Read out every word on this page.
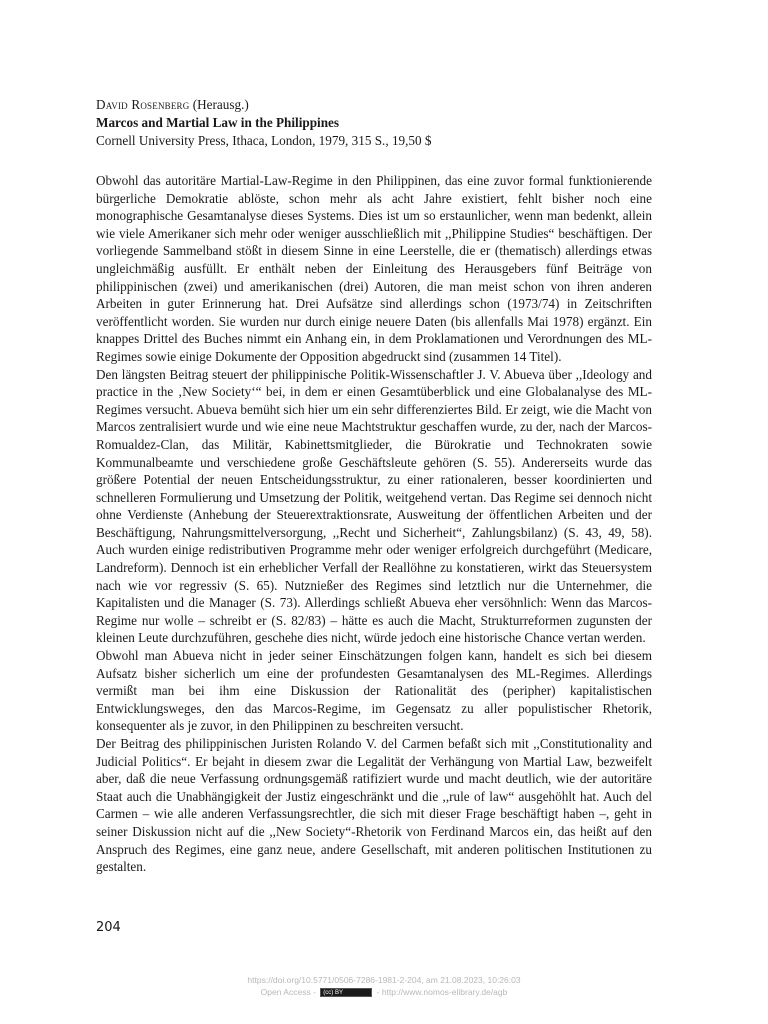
David Rosenberg (Herausg.)
Marcos and Martial Law in the Philippines
Cornell University Press, Ithaca, London, 1979, 315 S., 19,50 $

Obwohl das autoritäre Martial-Law-Regime in den Philippinen, das eine zuvor formal funktionierende bürgerliche Demokratie ablöste, schon mehr als acht Jahre existiert, fehlt bisher noch eine monographische Gesamtanalyse dieses Systems. Dies ist um so erstaunlicher, wenn man bedenkt, allein wie viele Amerikaner sich mehr oder weniger ausschließlich mit ,,Philippine Studies“ beschäftigen. Der vorliegende Sammelband stößt in diesem Sinne in eine Leerstelle, die er (thematisch) allerdings etwas ungleichmäßig ausfüllt. Er enthält neben der Einleitung des Herausgebers fünf Beiträge von philippinischen (zwei) und amerikanischen (drei) Autoren, die man meist schon von ihren anderen Arbeiten in guter Erinnerung hat. Drei Aufsätze sind allerdings schon (1973/74) in Zeitschriften veröffentlicht worden. Sie wurden nur durch einige neuere Daten (bis allenfalls Mai 1978) ergänzt. Ein knappes Drittel des Buches nimmt ein Anhang ein, in dem Proklamationen und Verordnungen des ML-Regimes sowie einige Dokumente der Opposition abgedruckt sind (zusammen 14 Titel).

Den längsten Beitrag steuert der philippinische Politik-Wissenschaftler J. V. Abueva über ,,Ideology and practice in the ‚New Society‘“ bei, in dem er einen Gesamtüberblick und eine Globalanalyse des ML-Regimes versucht. Abueva bemüht sich hier um ein sehr differenziertes Bild. Er zeigt, wie die Macht von Marcos zentralisiert wurde und wie eine neue Machtstruktur geschaffen wurde, zu der, nach der Marcos-Romualdez-Clan, das Militär, Kabinettsmitglieder, die Bürokratie und Technokraten sowie Kommunalbeamte und verschiedene große Geschäftsleute gehören (S. 55). Andererseits wurde das größere Potential der neuen Entscheidungsstruktur, zu einer rationaleren, besser koordinierten und schnelleren Formulierung und Umsetzung der Politik, weitgehend vertan. Das Regime sei dennoch nicht ohne Verdienste (Anhebung der Steuerextraktionsrate, Ausweitung der öffentlichen Arbeiten und der Beschäftigung, Nahrungsmittelversorgung, ,,Recht und Sicherheit“, Zahlungsbilanz) (S. 43, 49, 58). Auch wurden einige redistributiven Programme mehr oder weniger erfolgreich durchgeführt (Medicare, Landreform). Dennoch ist ein erheblicher Verfall der Reallöhne zu konstatieren, wirkt das Steuersystem nach wie vor regressiv (S. 65). Nutznießer des Regimes sind letztlich nur die Unternehmer, die Kapitalisten und die Manager (S. 73). Allerdings schließt Abueva eher versöhnlich: Wenn das Marcos-Regime nur wolle – schreibt er (S. 82/83) – hätte es auch die Macht, Strukturreformen zugunsten der kleinen Leute durchzuführen, geschehe dies nicht, würde jedoch eine historische Chance vertan werden.

Obwohl man Abueva nicht in jeder seiner Einschätzungen folgen kann, handelt es sich bei diesem Aufsatz bisher sicherlich um eine der profundesten Gesamtanalysen des ML-Regimes. Allerdings vermißt man bei ihm eine Diskussion der Rationalität des (peripher) kapitalistischen Entwicklungsweges, den das Marcos-Regime, im Gegensatz zu aller populistischer Rhetorik, konsequenter als je zuvor, in den Philippinen zu beschreiten versucht.

Der Beitrag des philippinischen Juristen Rolando V. del Carmen befaßt sich mit ,,Constitutionality and Judicial Politics“. Er bejaht in diesem zwar die Legalität der Verhängung von Martial Law, bezweifelt aber, daß die neue Verfassung ordnungsgemäß ratifiziert wurde und macht deutlich, wie der autoritäre Staat auch die Unabhängigkeit der Justiz eingeschränkt und die ,,rule of law“ ausgehöhlt hat. Auch del Carmen – wie alle anderen Verfassungsrechtler, die sich mit dieser Frage beschäftigt haben –, geht in seiner Diskussion nicht auf die ,,New Society“-Rhetorik von Ferdinand Marcos ein, das heißt auf den Anspruch des Regimes, eine ganz neue, andere Gesellschaft, mit anderen politischen Institutionen zu gestalten.

204
https://doi.org/10.5771/0506-7286-1981-2-204, am 21.08.2023, 10:26:03
Open Access - (cc) BY	- http://www.nomos-elibrary.de/agb
